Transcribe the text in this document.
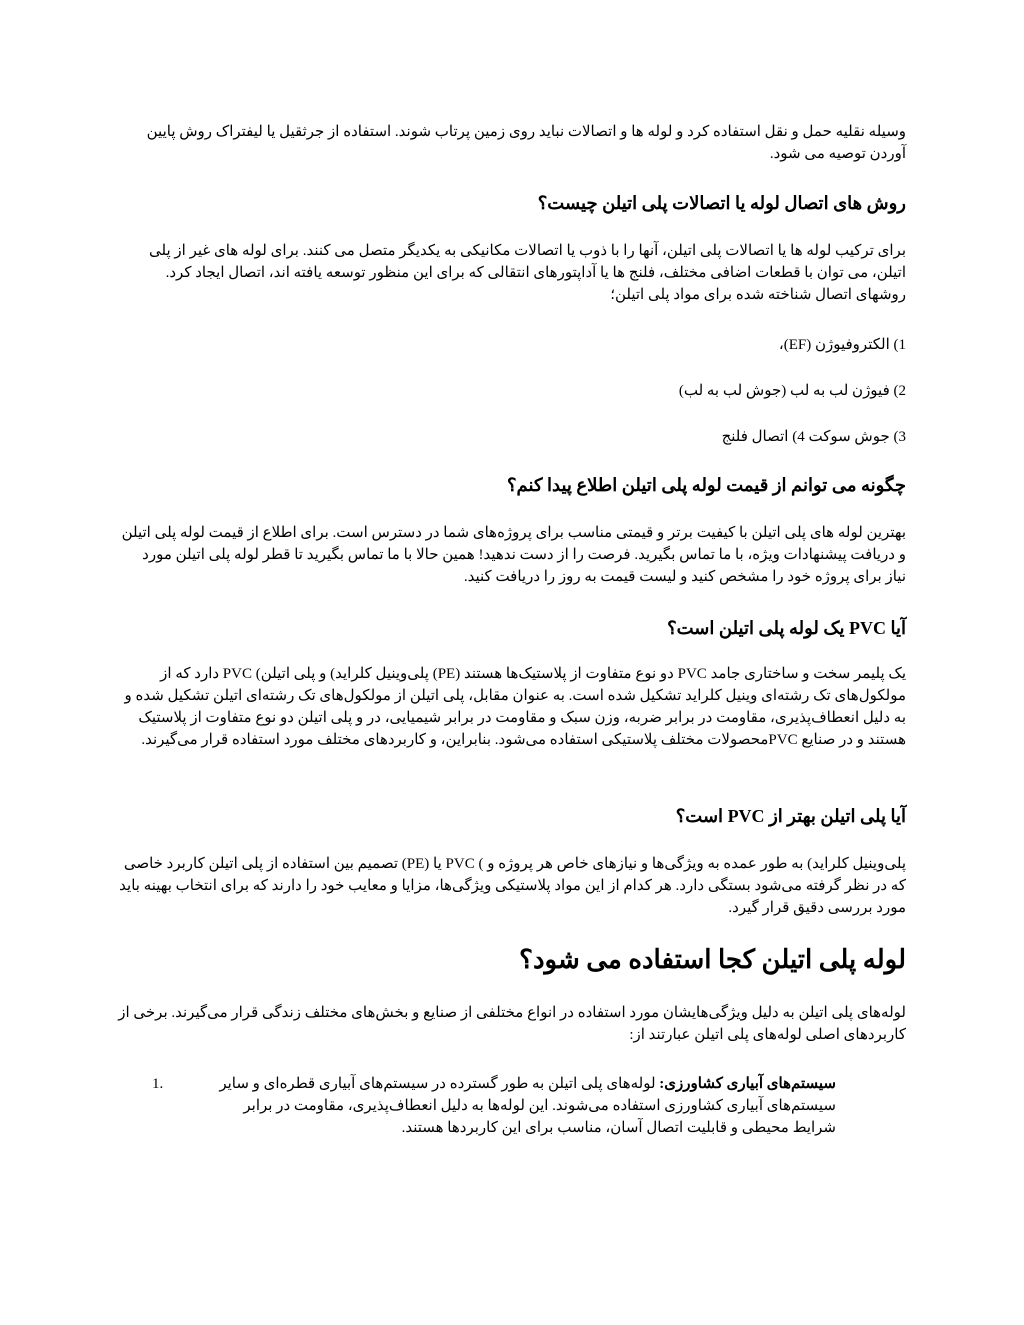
وسیله نقلیه حمل و نقل استفاده کرد و لوله ها و اتصالات نباید روی زمین پرتاب شوند. استفاده از جرثقیل یا لیفتراک روش پایین آوردن توصیه می شود.

روش های اتصال لوله یا اتصالات پلی اتیلن چیست؟

برای ترکیب لوله ها یا اتصالات پلی اتیلن، آنها را با ذوب یا اتصالات مکانیکی به یکدیگر متصل می کنند. برای لوله های غیر از پلی اتیلن، می توان با قطعات اضافی مختلف، فلنج ها یا آداپتورهای انتقالی که برای این منظور توسعه یافته اند، اتصال ایجاد کرد. روشهای اتصال شناخته شده برای مواد پلی اتیلن؛

1) الکتروفیوژن (EF)،

2) فیوژن لب به لب (جوش لب به لب)

3) جوش سوکت 4) اتصال فلنج

چگونه می توانم از قیمت لوله پلی اتیلن اطلاع پیدا کنم؟

بهترین لوله های پلی اتیلن با کیفیت برتر و قیمتی مناسب برای پروژه‌های شما در دسترس است. برای اطلاع از قیمت لوله پلی اتیلن و دریافت پیشنهادات ویژه، با ما تماس بگیرید. فرصت را از دست ندهید! همین حالا با ما تماس بگیرید تا قطر لوله پلی اتیلن مورد نیاز برای پروژه خود را مشخص کنید و لیست قیمت به روز را دریافت کنید.

آیا PVC یک لوله پلی اتیلن است؟

یک پلیمر سخت و ساختاری جامد PVC دو نوع متفاوت از پلاستیک‌ها هستند (PE) پلی‌وینیل کلراید) و پلی اتیلن) PVC دارد که از مولکول‌های تک رشته‌ای وینیل کلراید تشکیل شده است. به عنوان مقابل، پلی اتیلن از مولکول‌های تک رشته‌ای اتیلن تشکیل شده و به دلیل انعطاف‌پذیری، مقاومت در برابر ضربه، وزن سبک و مقاومت در برابر شیمیایی، در و پلی اتیلن دو نوع متفاوت از پلاستیک هستند و در صنایع PVCمحصولات مختلف پلاستیکی استفاده می‌شود. بنابراین، و کاربردهای مختلف مورد استفاده قرار می‌گیرند.

آیا پلی اتیلن بهتر از PVC است؟

پلی‌وینیل کلراید) به طور عمده به ویژگی‌ها و نیازهای خاص هر پروژه و ) PVC یا (PE) تصمیم بین استفاده از پلی اتیلن کاربرد خاصی که در نظر گرفته می‌شود بستگی دارد. هر کدام از این مواد پلاستیکی ویژگی‌ها، مزایا و معایب خود را دارند که برای انتخاب بهینه باید مورد بررسی دقیق قرار گیرد.

لوله پلی اتیلن کجا استفاده می شود؟

لوله‌های پلی اتیلن به دلیل ویژگی‌هایشان مورد استفاده در انواع مختلفی از صنایع و بخش‌های مختلف زندگی قرار می‌گیرند. برخی از کاربردهای اصلی لوله‌های پلی اتیلن عبارتند از:

1.	سیستم‌های آبیاری کشاورزی: لوله‌های پلی اتیلن به طور گسترده در سیستم‌های آبیاری قطره‌ای و سایر سیستم‌های آبیاری کشاورزی استفاده می‌شوند. این لوله‌ها به دلیل انعطاف‌پذیری، مقاومت در برابر شرایط محیطی و قابلیت اتصال آسان، مناسب برای این کاربردها هستند.
